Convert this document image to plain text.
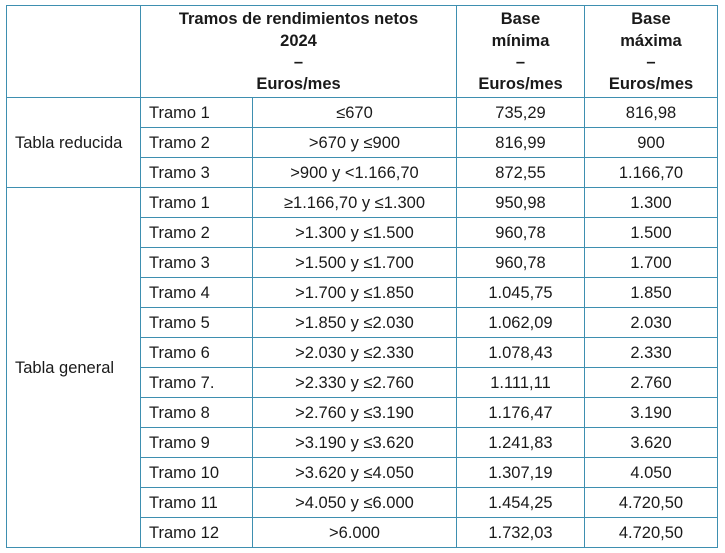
	Tramos de rendimientos netos
2024
–
Euros/mes		Base
mínima
–
Euros/mes	Base
máxima
–
Euros/mes

Tabla reducida	Tramo 1	≤670	735,29	816,98
	Tramo 2	>670 y ≤900	816,99	900
	Tramo 3	>900 y <1.166,70	872,55	1.166,70
Tabla general	Tramo 1	≥1.166,70 y ≤1.300	950,98	1.300
	Tramo 2	>1.300 y ≤1.500	960,78	1.500
	Tramo 3	>1.500 y ≤1.700	960,78	1.700
	Tramo 4	>1.700 y ≤1.850	1.045,75	1.850
	Tramo 5	>1.850 y ≤2.030	1.062,09	2.030
	Tramo 6	>2.030 y ≤2.330	1.078,43	2.330
	Tramo 7.	>2.330 y ≤2.760	1.111,11	2.760
	Tramo 8	>2.760 y ≤3.190	1.176,47	3.190
	Tramo 9	>3.190 y ≤3.620	1.241,83	3.620
	Tramo 10	>3.620 y ≤4.050	1.307,19	4.050
	Tramo 11	>4.050 y ≤6.000	1.454,25	4.720,50
	Tramo 12	>6.000	1.732,03	4.720,50
